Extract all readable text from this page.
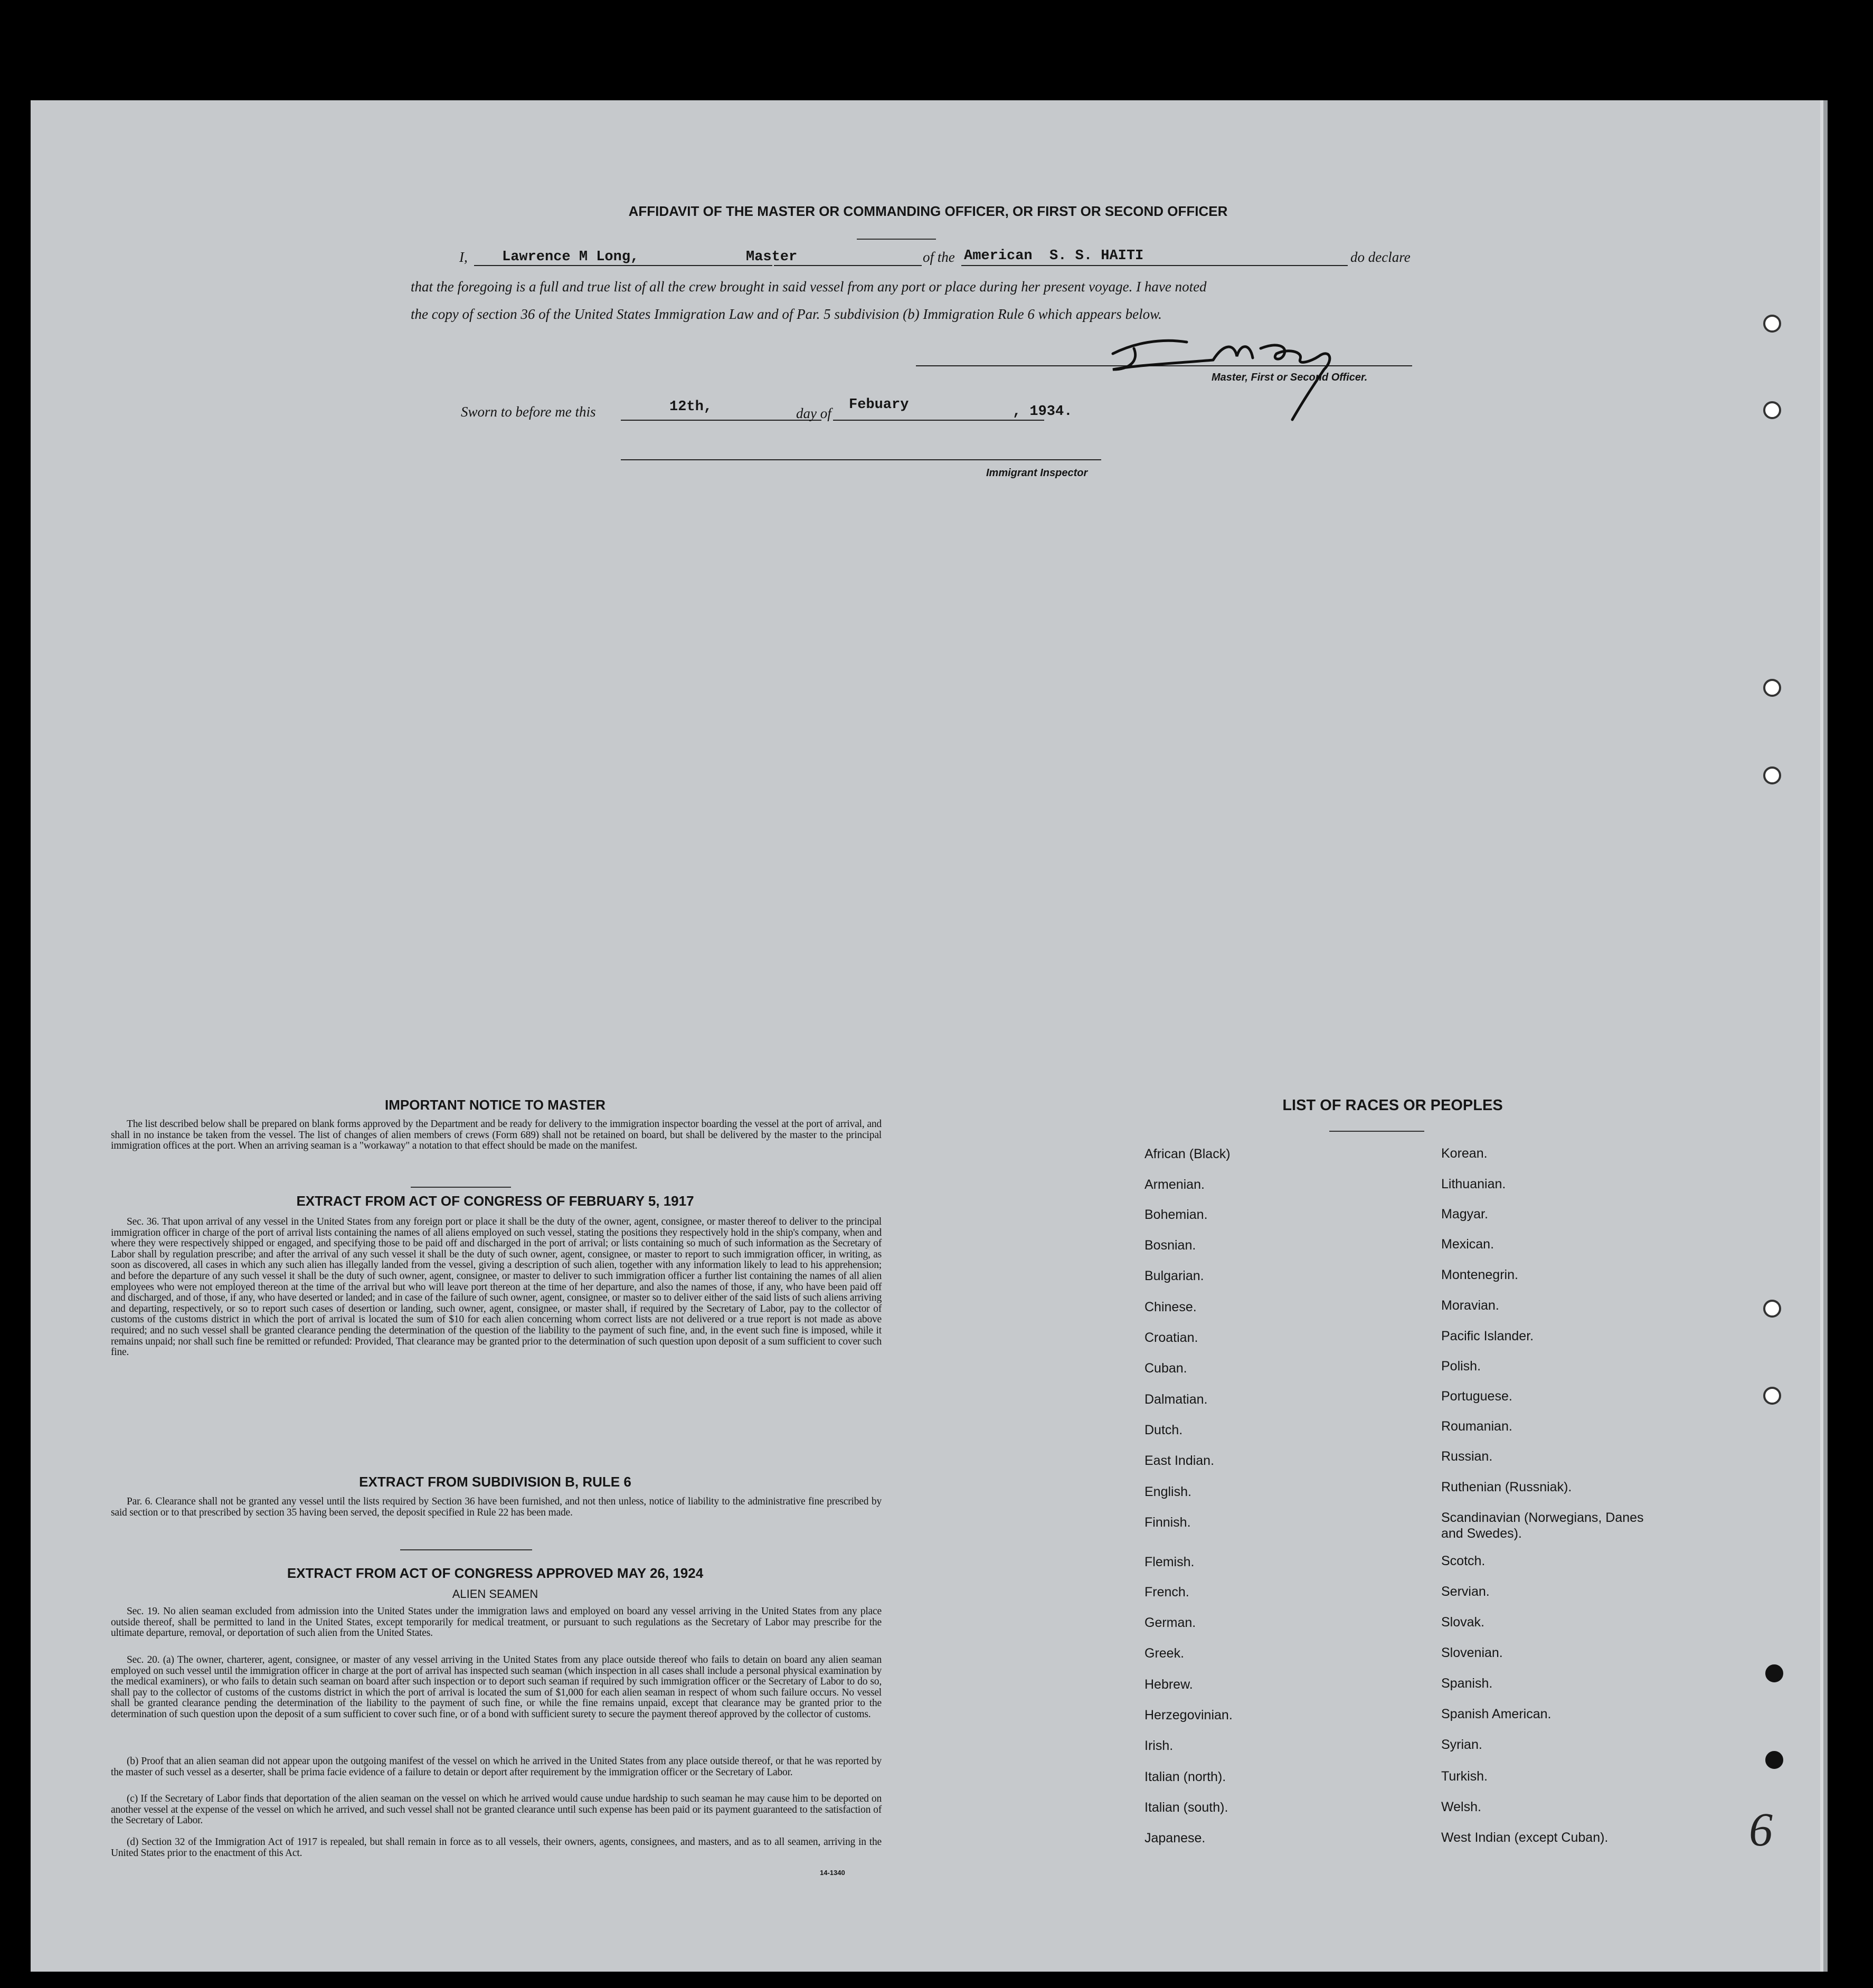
AFFIDAVIT OF THE MASTER OR COMMANDING OFFICER, OR FIRST OR SECOND OFFICER
I, Lawrence M Long,	Master	of the American  S. S. HAITI	do declare
that the foregoing is a full and true list of all the crew brought in said vessel from any port or place during her present voyage. I have noted
the copy of section 36 of the United States Immigration Law and of Par. 5 subdivision (b) Immigration Rule 6 which appears below.
Master, First or Second Officer.
Sworn to before me this	12th,	day of
Febuary	, 1934.
Immigrant Inspector
IMPORTANT NOTICE TO MASTER
The list described below shall be prepared on blank forms approved by the Department and be ready for delivery to the immigration inspector boarding the vessel at the port of arrival, and shall in no instance be taken from the vessel. The list of changes of alien members of crews (Form 689) shall not be retained on board, but shall be delivered by the master to the principal immigration offices at the port. When an arriving seaman is a "workaway" a notation to that effect should be made on the manifest.
EXTRACT FROM ACT OF CONGRESS OF FEBRUARY 5, 1917
Sec. 36. That upon arrival of any vessel in the United States from any foreign port or place it shall be the duty of the owner, agent, consignee, or master thereof to deliver to the principal immigration officer in charge of the port of arrival lists containing the names of all aliens employed on such vessel, stating the positions they respectively hold in the ship's company, when and where they were respectively shipped or engaged, and specifying those to be paid off and discharged in the port of arrival; or lists containing so much of such information as the Secretary of Labor shall by regulation prescribe; and after the arrival of any such vessel it shall be the duty of such owner, agent, consignee, or master to report to such immigration officer, in writing, as soon as discovered, all cases in which any such alien has illegally landed from the vessel, giving a description of such alien, together with any information likely to lead to his apprehension; and before the departure of any such vessel it shall be the duty of such owner, agent, consignee, or master to deliver to such immigration officer a further list containing the names of all alien employees who were not employed thereon at the time of the arrival but who will leave port thereon at the time of her departure, and also the names of those, if any, who have been paid off and discharged, and of those, if any, who have deserted or landed; and in case of the failure of such owner, agent, consignee, or master so to deliver either of the said lists of such aliens arriving and departing, respectively, or so to report such cases of desertion or landing, such owner, agent, consignee, or master shall, if required by the Secretary of Labor, pay to the collector of customs of the customs district in which the port of arrival is located the sum of $10 for each alien concerning whom correct lists are not delivered or a true report is not made as above required; and no such vessel shall be granted clearance pending the determination of the question of the liability to the payment of such fine, and, in the event such fine is imposed, while it remains unpaid; nor shall such fine be remitted or refunded: Provided, That clearance may be granted prior to the determination of such question upon deposit of a sum sufficient to cover such fine.
EXTRACT FROM SUBDIVISION B, RULE 6
Par. 6. Clearance shall not be granted any vessel until the lists required by Section 36 have been furnished, and not then unless, notice of liability to the administrative fine prescribed by said section or to that prescribed by section 35 having been served, the deposit specified in Rule 22 has been made.
EXTRACT FROM ACT OF CONGRESS APPROVED MAY 26, 1924
ALIEN SEAMEN
Sec. 19. No alien seaman excluded from admission into the United States under the immigration laws and employed on board any vessel arriving in the United States from any place outside thereof, shall be permitted to land in the United States, except temporarily for medical treatment, or pursuant to such regulations as the Secretary of Labor may prescribe for the ultimate departure, removal, or deportation of such alien from the United States.
Sec. 20. (a) The owner, charterer, agent, consignee, or master of any vessel arriving in the United States from any place outside thereof who fails to detain on board any alien seaman employed on such vessel until the immigration officer in charge at the port of arrival has inspected such seaman (which inspection in all cases shall include a personal physical examination by the medical examiners), or who fails to detain such seaman on board after such inspection or to deport such seaman if required by such immigration officer or the Secretary of Labor to do so, shall pay to the collector of customs of the customs district in which the port of arrival is located the sum of $1,000 for each alien seaman in respect of whom such failure occurs. No vessel shall be granted clearance pending the determination of the liability to the payment of such fine, or while the fine remains unpaid, except that clearance may be granted prior to the determination of such question upon the deposit of a sum sufficient to cover such fine, or of a bond with sufficient surety to secure the payment thereof approved by the collector of customs.
(b) Proof that an alien seaman did not appear upon the outgoing manifest of the vessel on which he arrived in the United States from any place outside thereof, or that he was reported by the master of such vessel as a deserter, shall be prima facie evidence of a failure to detain or deport after requirement by the immigration officer or the Secretary of Labor.
(c) If the Secretary of Labor finds that deportation of the alien seaman on the vessel on which he arrived would cause undue hardship to such seaman he may cause him to be deported on another vessel at the expense of the vessel on which he arrived, and such vessel shall not be granted clearance until such expense has been paid or its payment guaranteed to the satisfaction of the Secretary of Labor.
(d) Section 32 of the Immigration Act of 1917 is repealed, but shall remain in force as to all vessels, their owners, agents, consignees, and masters, and as to all seamen, arriving in the United States prior to the enactment of this Act.
14-1340
LIST OF RACES OR PEOPLES
African (Black)
Armenian.
Bohemian.
Bosnian.
Bulgarian.
Chinese.
Croatian.
Cuban.
Dalmatian.
Dutch.
East Indian.
English.
Finnish.
Flemish.
French.
German.
Greek.
Hebrew.
Herzegovinian.
Irish.
Italian (north).
Italian (south).
Japanese.
Korean.
Lithuanian.
Magyar.
Mexican.
Montenegrin.
Moravian.
Pacific Islander.
Polish.
Portuguese.
Roumanian.
Russian.
Ruthenian (Russniak).
Scandinavian (Norwegians, Danes and Swedes).
Scotch.
Servian.
Slovak.
Slovenian.
Spanish.
Spanish American.
Syrian.
Turkish.
Welsh.
West Indian (except Cuban).	6
